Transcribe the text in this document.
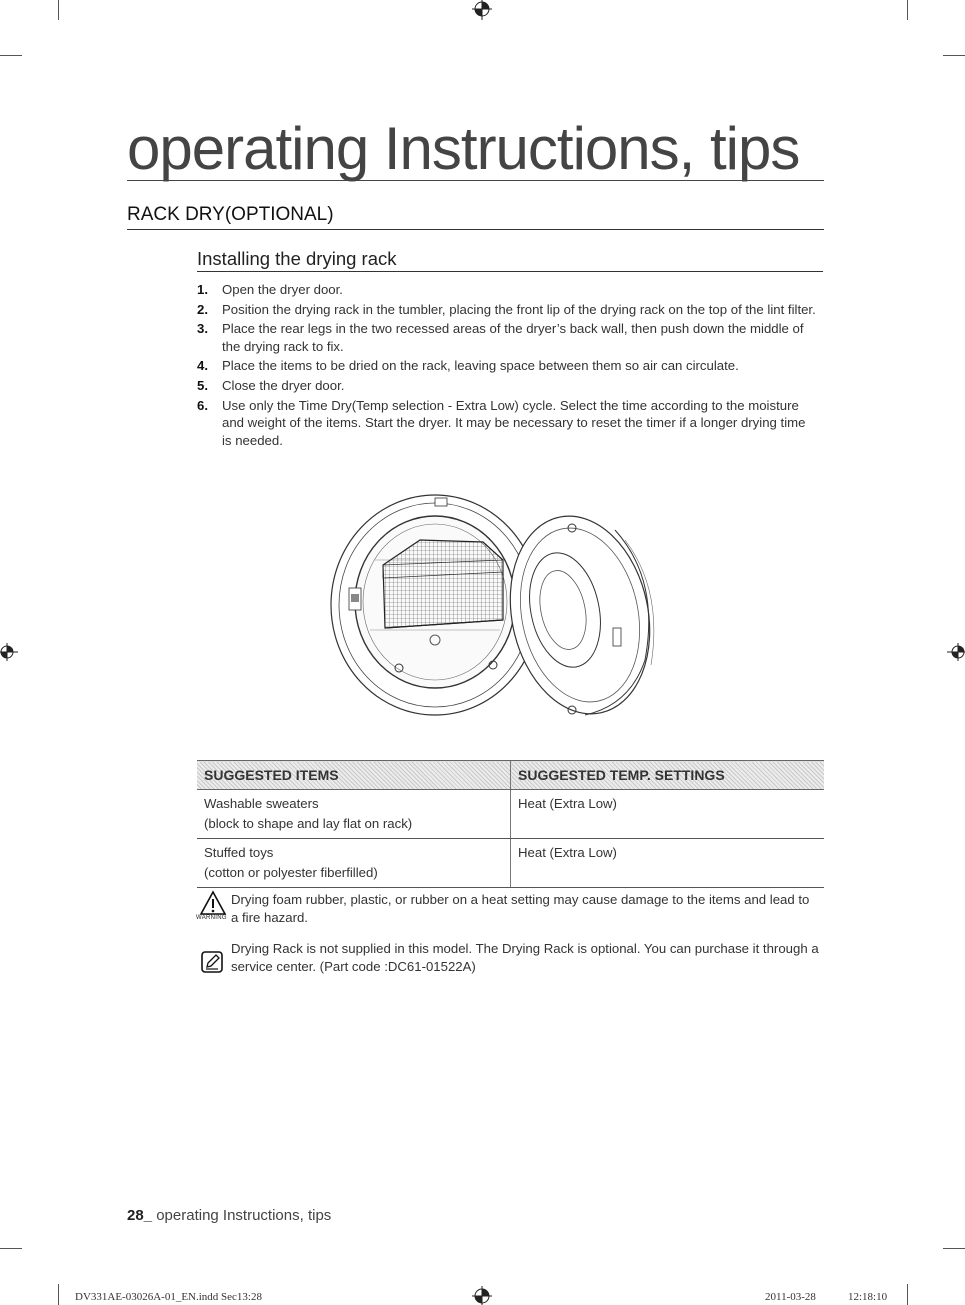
operating Instructions, tips
RACK DRY(OPTIONAL)
Installing the drying rack
1. Open the dryer door.
2. Position the drying rack in the tumbler, placing the front lip of the drying rack on the top of the lint filter.
3. Place the rear legs in the two recessed areas of the dryer’s back wall, then push down the middle of the drying rack to fix.
4. Place the items to be dried on the rack, leaving space between them so air can circulate.
5. Close the dryer door.
6. Use only the Time Dry(Temp selection - Extra Low) cycle. Select the time according to the moisture and weight of the items. Start the dryer. It may be necessary to reset the timer if a longer drying time is needed.
SUGGESTED ITEMS	SUGGESTED TEMP. SETTINGS

Washable sweaters
(block to shape and lay flat on rack)	Heat (Extra Low)

Stuffed toys
(cotton or polyester fiberfilled)	Heat (Extra Low)
WARNING
Drying foam rubber, plastic, or rubber on a heat setting may cause damage to the items and lead to a fire hazard.
Drying Rack is not supplied in this model. The Drying Rack is optional. You can purchase it through a service center. (Part code :DC61-01522A)
28_ operating Instructions, tips
DV331AE-03026A-01_EN.indd Sec13:28	2011-03-28	12:18:10
